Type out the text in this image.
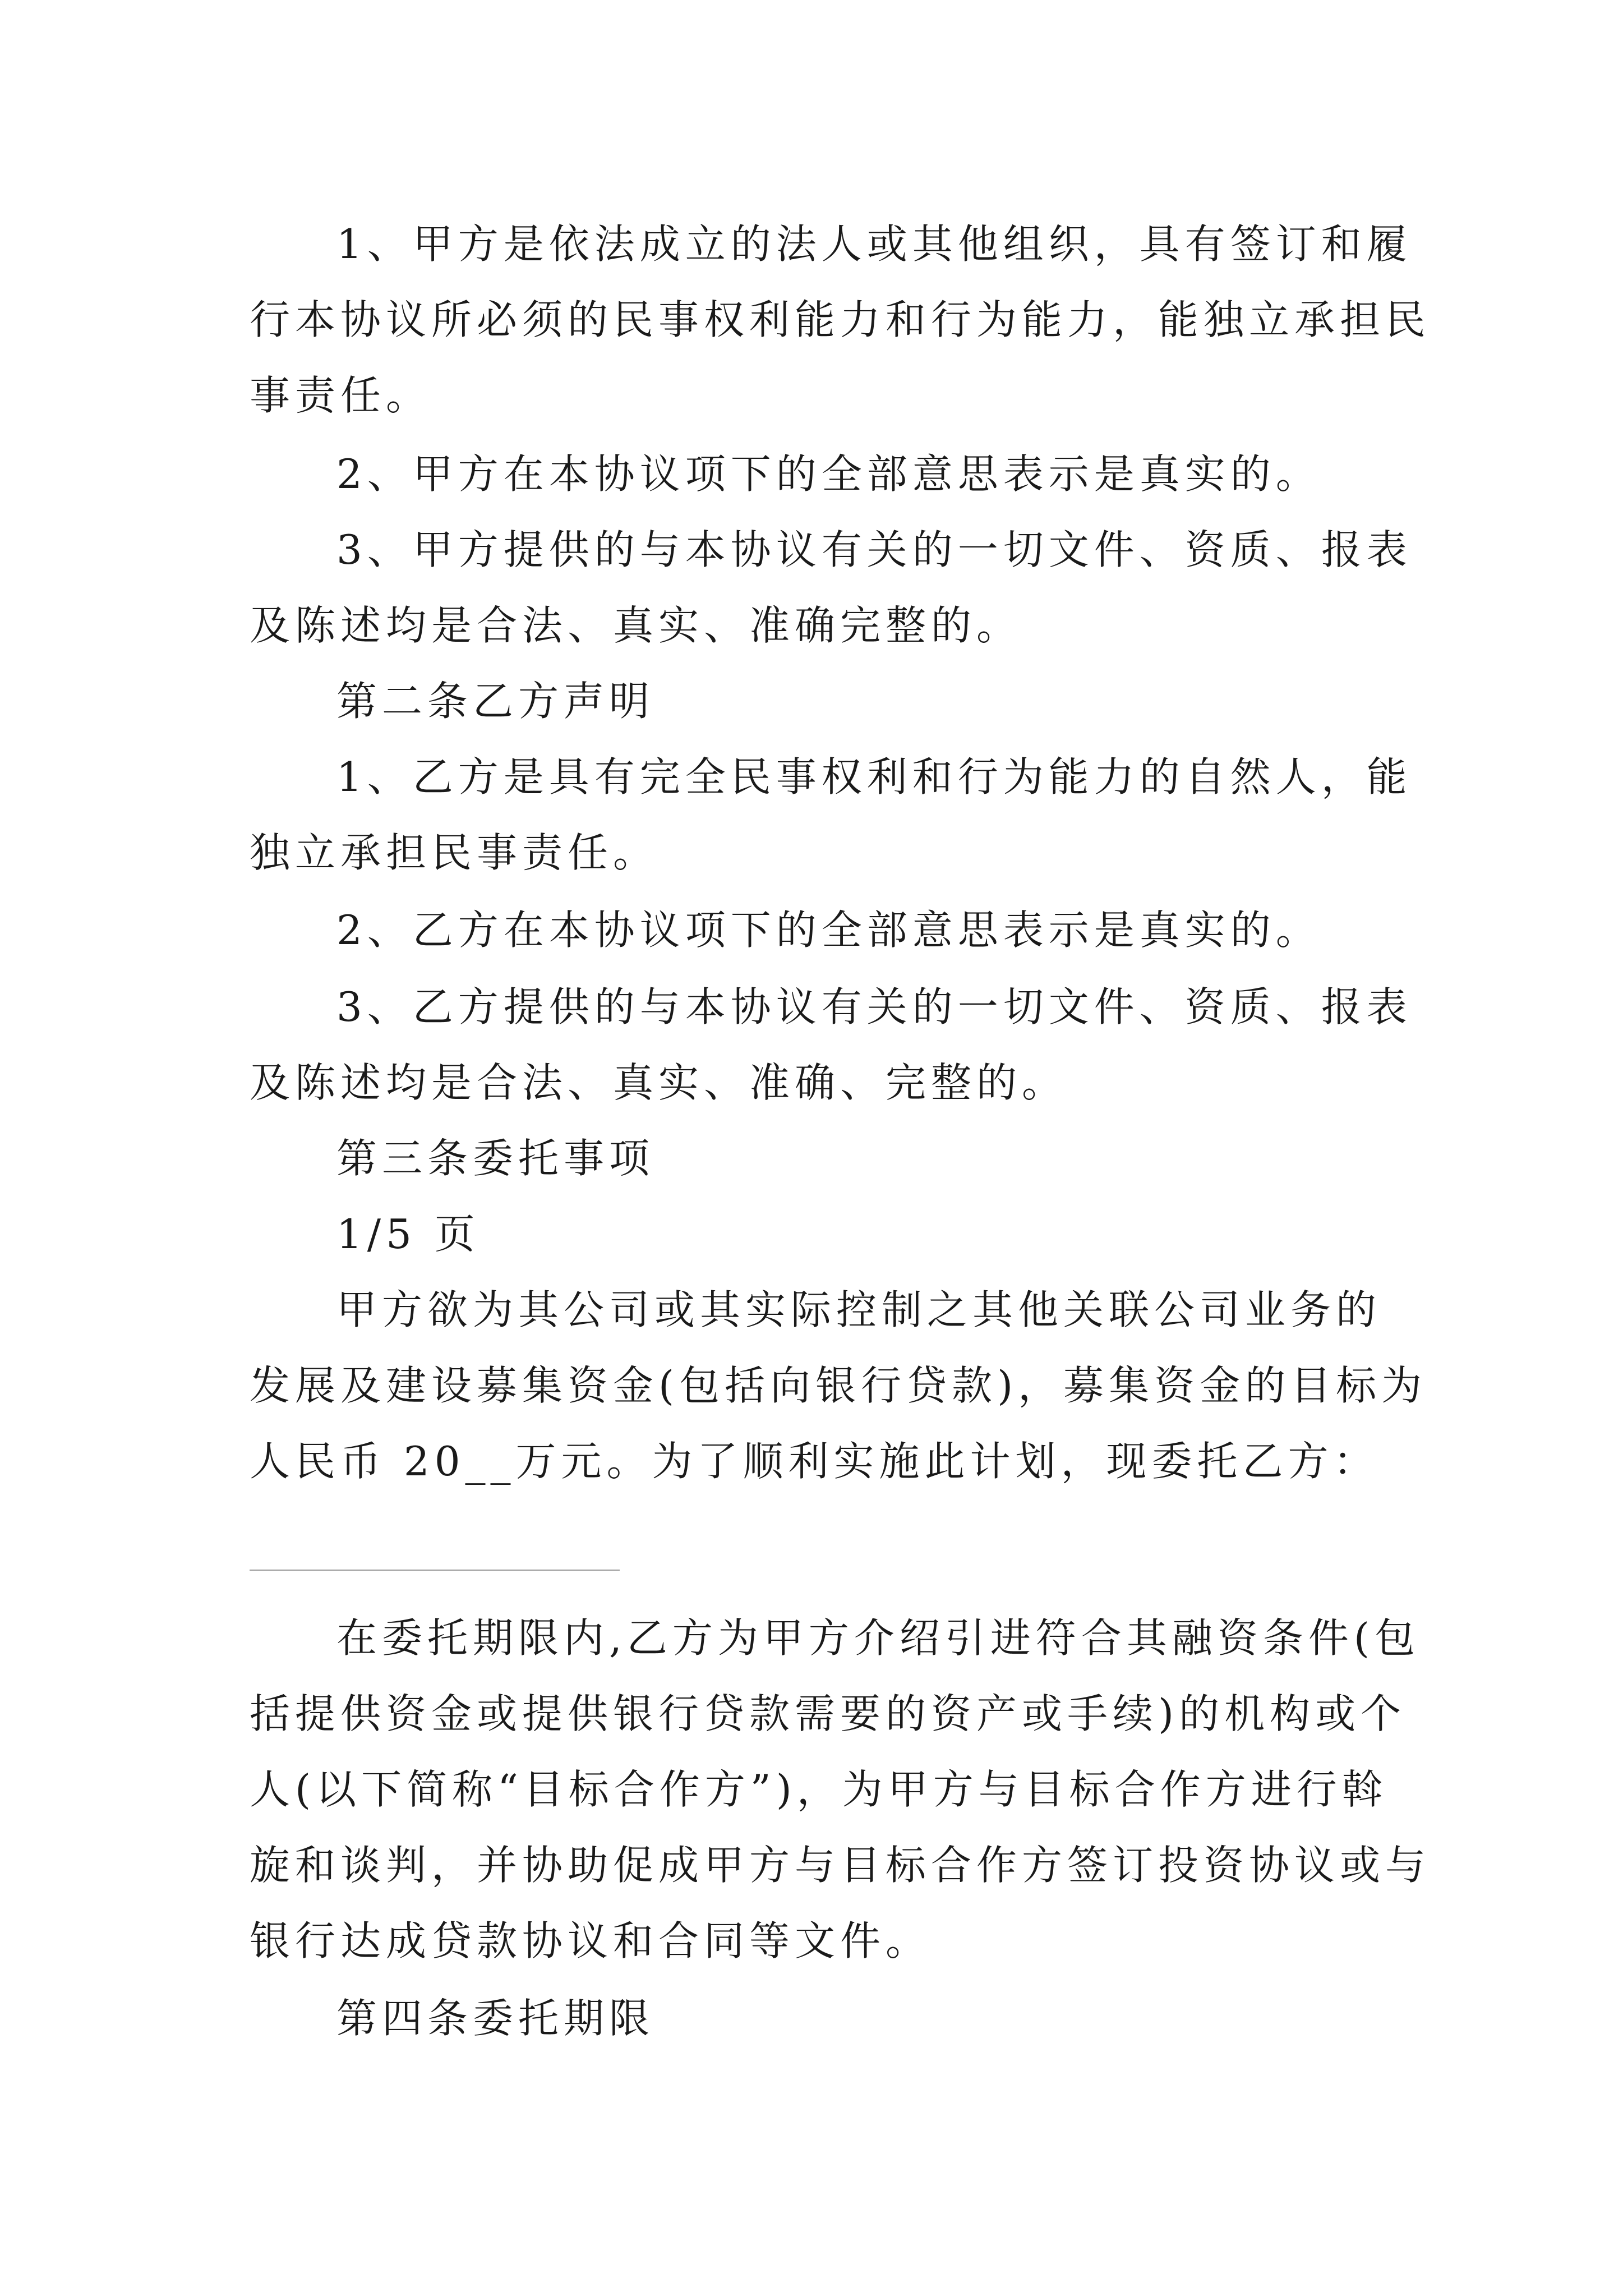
1、甲方是依法成立的法人或其他组织，具有签订和履
行本协议所必须的民事权利能力和行为能力，能独立承担民
事责任。
2、甲方在本协议项下的全部意思表示是真实的。
3、甲方提供的与本协议有关的一切文件、资质、报表
及陈述均是合法、真实、准确完整的。
第二条乙方声明
1、乙方是具有完全民事权利和行为能力的自然人，能
独立承担民事责任。
2、乙方在本协议项下的全部意思表示是真实的。
3、乙方提供的与本协议有关的一切文件、资质、报表
及陈述均是合法、真实、准确、完整的。
第三条委托事项
1/5 页
甲方欲为其公司或其实际控制之其他关联公司业务的
发展及建设募集资金(包括向银行贷款)，募集资金的目标为
人民币 20__万元。为了顺利实施此计划，现委托乙方：
在委托期限内,乙方为甲方介绍引进符合其融资条件(包
括提供资金或提供银行贷款需要的资产或手续)的机构或个
人(以下简称“目标合作方”)，为甲方与目标合作方进行斡
旋和谈判，并协助促成甲方与目标合作方签订投资协议或与
银行达成贷款协议和合同等文件。
第四条委托期限
